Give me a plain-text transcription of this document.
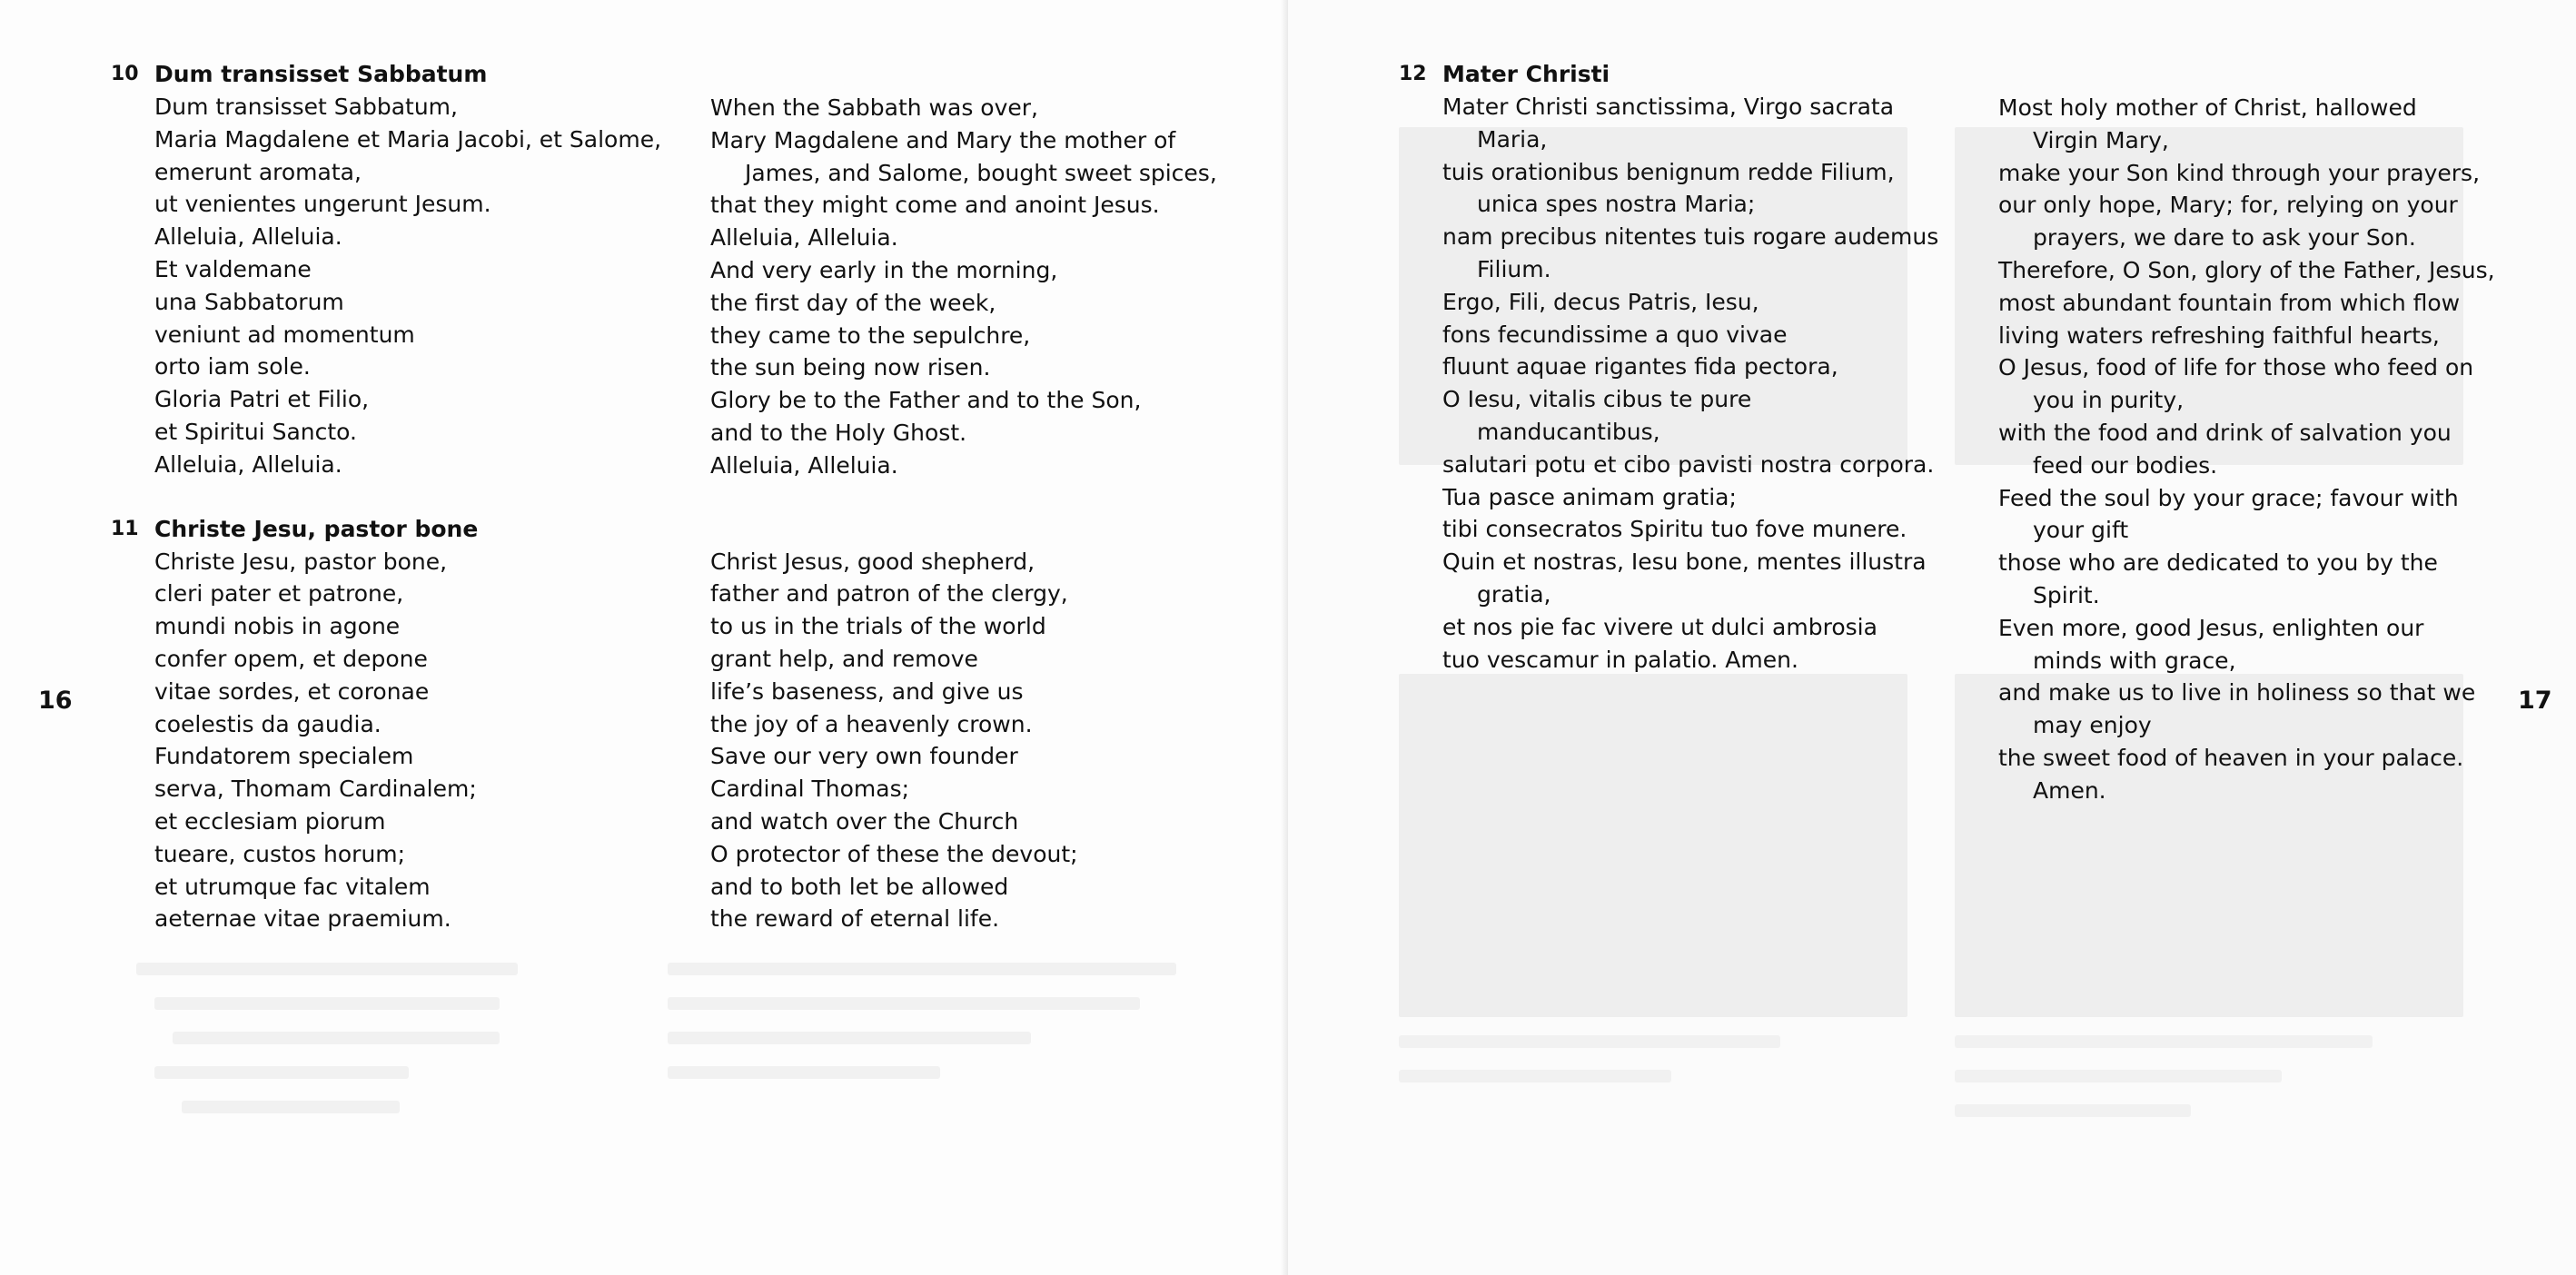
16	17
10 Dum transisset Sabbatum
Dum transisset Sabbatum,
Maria Magdalene et Maria Jacobi, et Salome,
emerunt aromata,
ut venientes ungerunt Jesum.
Alleluia, Alleluia.
Et valdemane
una Sabbatorum
veniunt ad momentum
orto iam sole.
Gloria Patri et Filio,
et Spiritui Sancto.
Alleluia, Alleluia.
11 Christe Jesu, pastor bone
Christe Jesu, pastor bone,
cleri pater et patrone,
mundi nobis in agone
confer opem, et depone
vitae sordes, et coronae
coelestis da gaudia.
Fundatorem specialem
serva, Thomam Cardinalem;
et ecclesiam piorum
tueare, custos horum;
et utrumque fac vitalem
aeternae vitae praemium.
When the Sabbath was over,
Mary Magdalene and Mary the mother of
James, and Salome, bought sweet spices,
that they might come and anoint Jesus.
Alleluia, Alleluia.
And very early in the morning,
the first day of the week,
they came to the sepulchre,
the sun being now risen.
Glory be to the Father and to the Son,
and to the Holy Ghost.
Alleluia, Alleluia.
Christ Jesus, good shepherd,
father and patron of the clergy,
to us in the trials of the world
grant help, and remove
life’s baseness, and give us
the joy of a heavenly crown.
Save our very own founder
Cardinal Thomas;
and watch over the Church
O protector of these the devout;
and to both let be allowed
the reward of eternal life.
12 Mater Christi
Mater Christi sanctissima, Virgo sacrata
Maria,
tuis orationibus benignum redde Filium,
unica spes nostra Maria;
nam precibus nitentes tuis rogare audemus
Filium.
Ergo, Fili, decus Patris, Iesu,
fons fecundissime a quo vivae
fluunt aquae rigantes fida pectora,
O Iesu, vitalis cibus te pure
manducantibus,
salutari potu et cibo pavisti nostra corpora.
Tua pasce animam gratia;
tibi consecratos Spiritu tuo fove munere.
Quin et nostras, Iesu bone, mentes illustra
gratia,
et nos pie fac vivere ut dulci ambrosia
tuo vescamur in palatio. Amen.
Most holy mother of Christ, hallowed
Virgin Mary,
make your Son kind through your prayers,
our only hope, Mary; for, relying on your
prayers, we dare to ask your Son.
Therefore, O Son, glory of the Father, Jesus,
most abundant fountain from which flow
living waters refreshing faithful hearts,
O Jesus, food of life for those who feed on
you in purity,
with the food and drink of salvation you
feed our bodies.
Feed the soul by your grace; favour with
your gift
those who are dedicated to you by the
Spirit.
Even more, good Jesus, enlighten our
minds with grace,
and make us to live in holiness so that we
may enjoy
the sweet food of heaven in your palace.
Amen.
